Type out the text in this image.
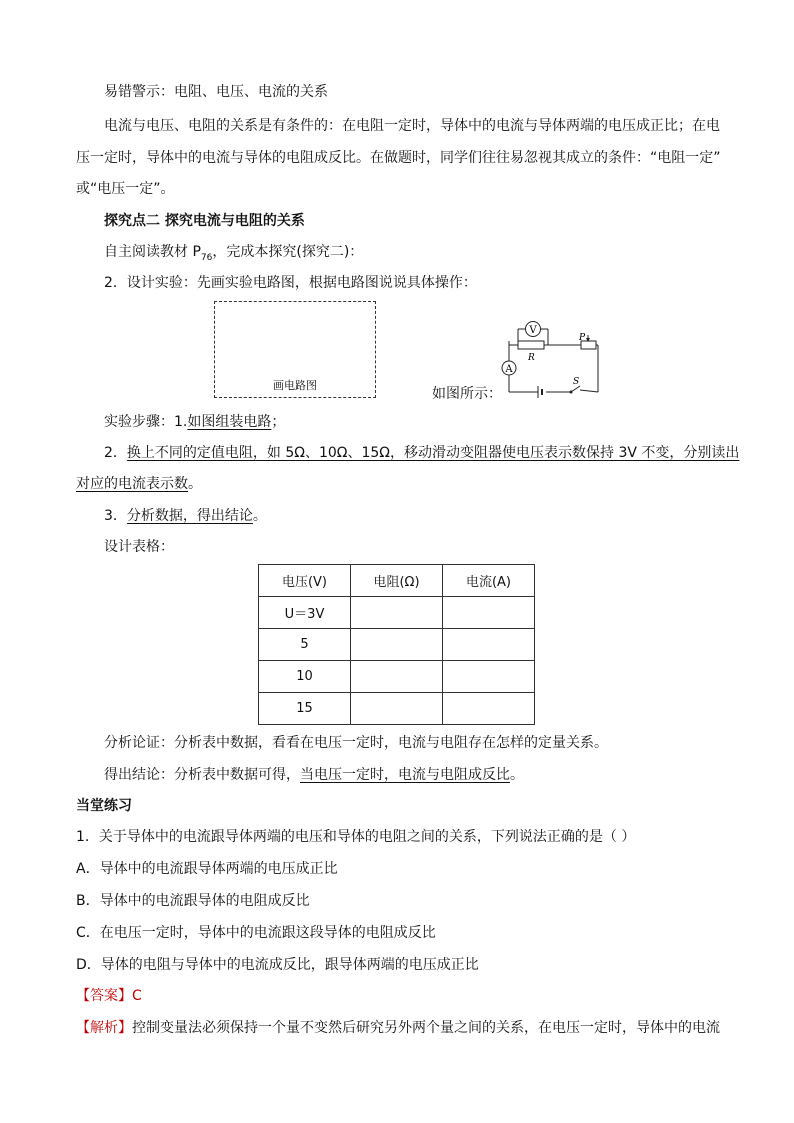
易错警示：电阻、电压、电流的关系
电流与电压、电阻的关系是有条件的：在电阻一定时，导体中的电流与导体两端的电压成正比；在电
压一定时，导体中的电流与导体的电阻成反比。在做题时，同学们往往易忽视其成立的条件：“电阻一定”
或“电压一定”。
探究点二 探究电流与电阻的关系
自主阅读教材 $P_{76}$，完成本探究(探究二)：
2．设计实验：先画实验电路图，根据电路图说说具体操作：
画电路图
如图所示：
V
R
P
A
S
实验步骤：1.如图组装电路；
2．换上不同的定值电阻，如 5Ω、10Ω、15Ω，移动滑动变阻器使电压表示数保持 3V 不变，分别读出
对应的电流表示数。
3．分析数据，得出结论。
设计表格：
电压(V)	电阻(Ω)	电流(A)
U＝3V		
5		
10		
15		
分析论证：分析表中数据，看看在电压一定时，电流与电阻存在怎样的定量关系。
得出结论：分析表中数据可得，当电压一定时，电流与电阻成反比。
当堂练习
1．关于导体中的电流跟导体两端的电压和导体的电阻之间的关系，下列说法正确的是（ ）
A．导体中的电流跟导体两端的电压成正比
B．导体中的电流跟导体的电阻成反比
C．在电压一定时，导体中的电流跟这段导体的电阻成反比
D．导体的电阻与导体中的电流成反比，跟导体两端的电压成正比
【答案】C
【解析】控制变量法必须保持一个量不变然后研究另外两个量之间的关系，在电压一定时，导体中的电流
